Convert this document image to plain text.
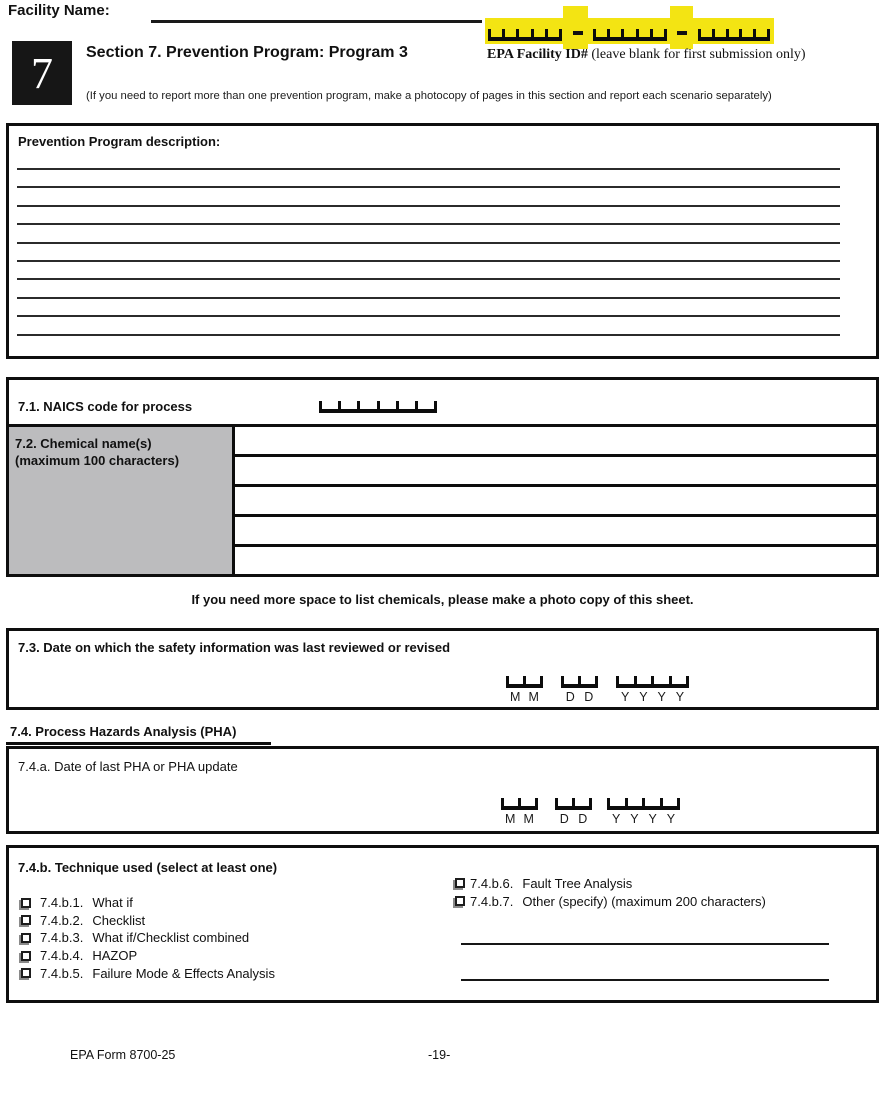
Facility Name:
7 Section 7. Prevention Program: Program 3	EPA Facility ID# (leave blank for first submission only)
(If you need to report more than one prevention program, make a photocopy of pages in this section and report each scenario separately)
Prevention Program description:
7.1. NAICS code for process
7.2. Chemical name(s)
(maximum 100 characters)
If you need more space to list chemicals, please make a photo copy of this sheet.
7.3. Date on which the safety information was last reviewed or revised
M M D D Y Y Y Y
7.4. Process Hazards Analysis (PHA)
7.4.a. Date of last PHA or PHA update
M M D D Y Y Y Y
7.4.b. Technique used (select at least one)
7.4.b.1. What if
7.4.b.2. Checklist
7.4.b.3. What if/Checklist combined
7.4.b.4. HAZOP
7.4.b.5. Failure Mode & Effects Analysis
7.4.b.6. Fault Tree Analysis
7.4.b.7. Other (specify) (maximum 200 characters)
EPA Form 8700-25	-19-
